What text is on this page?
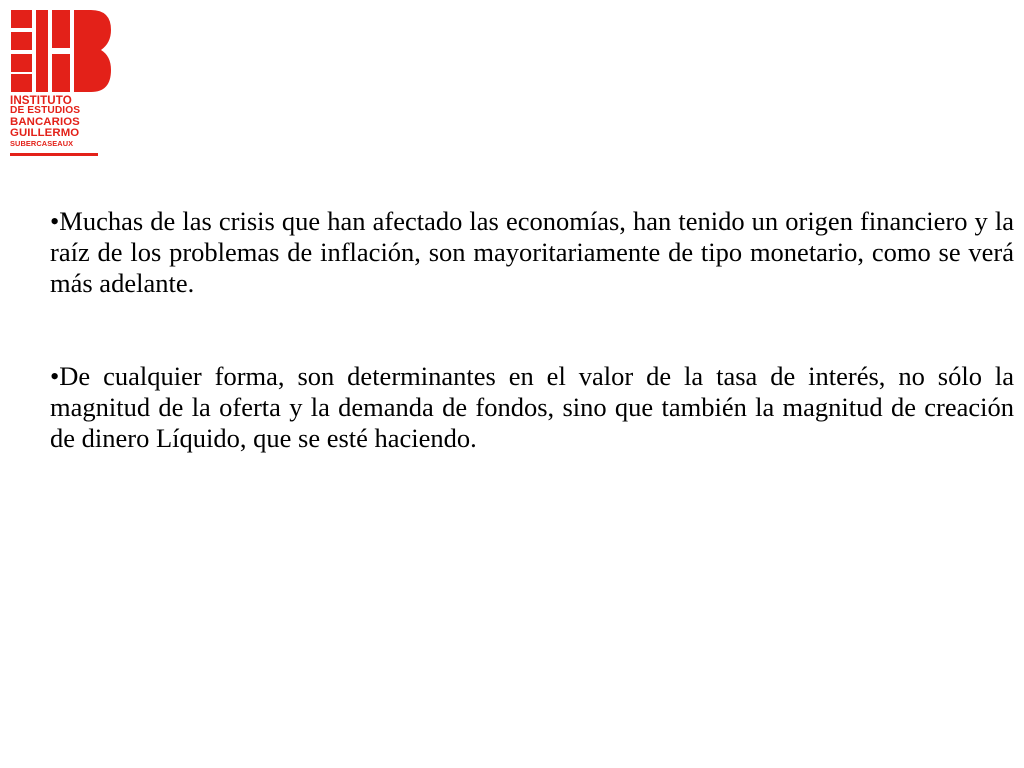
INSTITUTO
DE ESTUDIOS
BANCARIOS
GUILLERMO
SUBERCASEAUX

•Muchas de las crisis que han afectado las economías, han tenido un origen financiero y la raíz de los problemas de inflación, son mayoritariamente de tipo monetario, como se verá más adelante.

•De cualquier forma, son determinantes en el valor de la tasa de interés, no sólo la magnitud de la oferta y la demanda de fondos, sino que también la magnitud de creación de dinero Líquido, que se esté haciendo.
